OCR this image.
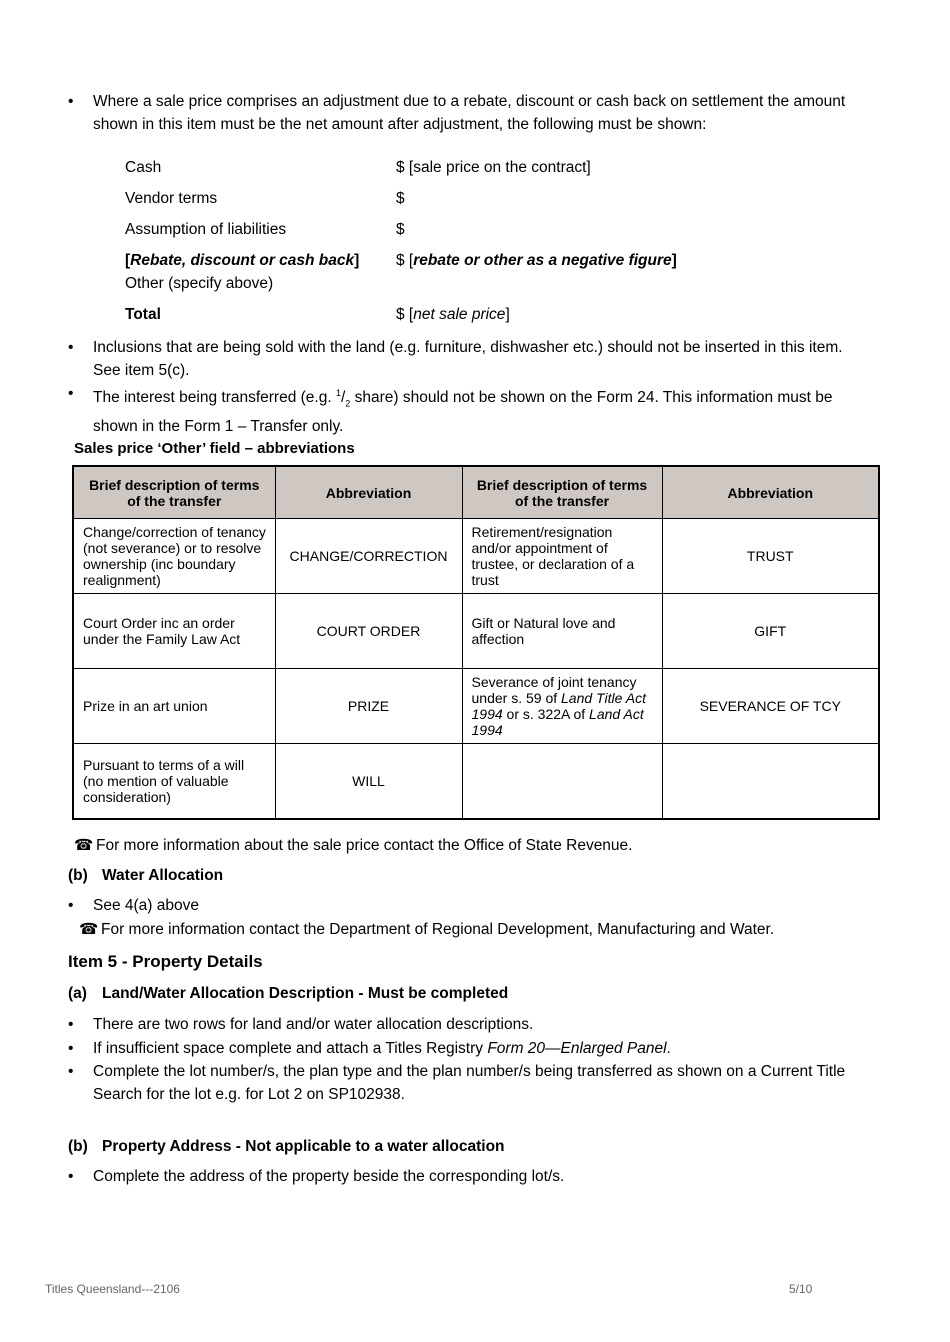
•	Where a sale price comprises an adjustment due to a rebate, discount or cash back on settlement the amount shown in this item must be the net amount after adjustment, the following must be shown:
Cash	$ [sale price on the contract]
Vendor terms	$
Assumption of liabilities	$
[Rebate, discount or cash back]	$ [rebate or other as a negative figure]
Other (specify above)
Total	$ [net sale price]
•	Inclusions that are being sold with the land (e.g. furniture, dishwasher etc.) should not be inserted in this item. See item 5(c).
•	The interest being transferred (e.g. $^1/_2$ share) should not be shown on the Form 24. This information must be shown in the Form 1 – Transfer only.
Sales price ‘Other’ field – abbreviations
Brief description of terms of the transfer	Abbreviation	Brief description of terms of the transfer	Abbreviation
Change/correction of tenancy (not severance) or to resolve ownership (inc boundary realignment)	CHANGE/CORRECTION	Retirement/resignation and/or appointment of trustee, or declaration of a trust	TRUST
Court Order inc an order under the Family Law Act	COURT ORDER	Gift or Natural love and affection	GIFT
Prize in an art union	PRIZE	Severance of joint tenancy under s. 59 of Land Title Act 1994 or s. 322A of Land Act 1994	SEVERANCE OF TCY
Pursuant to terms of a will (no mention of valuable consideration)	WILL		
☎ For more information about the sale price contact the Office of State Revenue.
(b) Water Allocation
•	See 4(a) above
☎ For more information contact the Department of Regional Development, Manufacturing and Water.
Item 5 - Property Details
(a) Land/Water Allocation Description - Must be completed
•	There are two rows for land and/or water allocation descriptions.
•	If insufficient space complete and attach a Titles Registry Form 20—Enlarged Panel.
•	Complete the lot number/s, the plan type and the plan number/s being transferred as shown on a Current Title Search for the lot e.g. for Lot 2 on SP102938.
(b) Property Address - Not applicable to a water allocation
•	Complete the address of the property beside the corresponding lot/s.
Titles Queensland---2106	5/10
